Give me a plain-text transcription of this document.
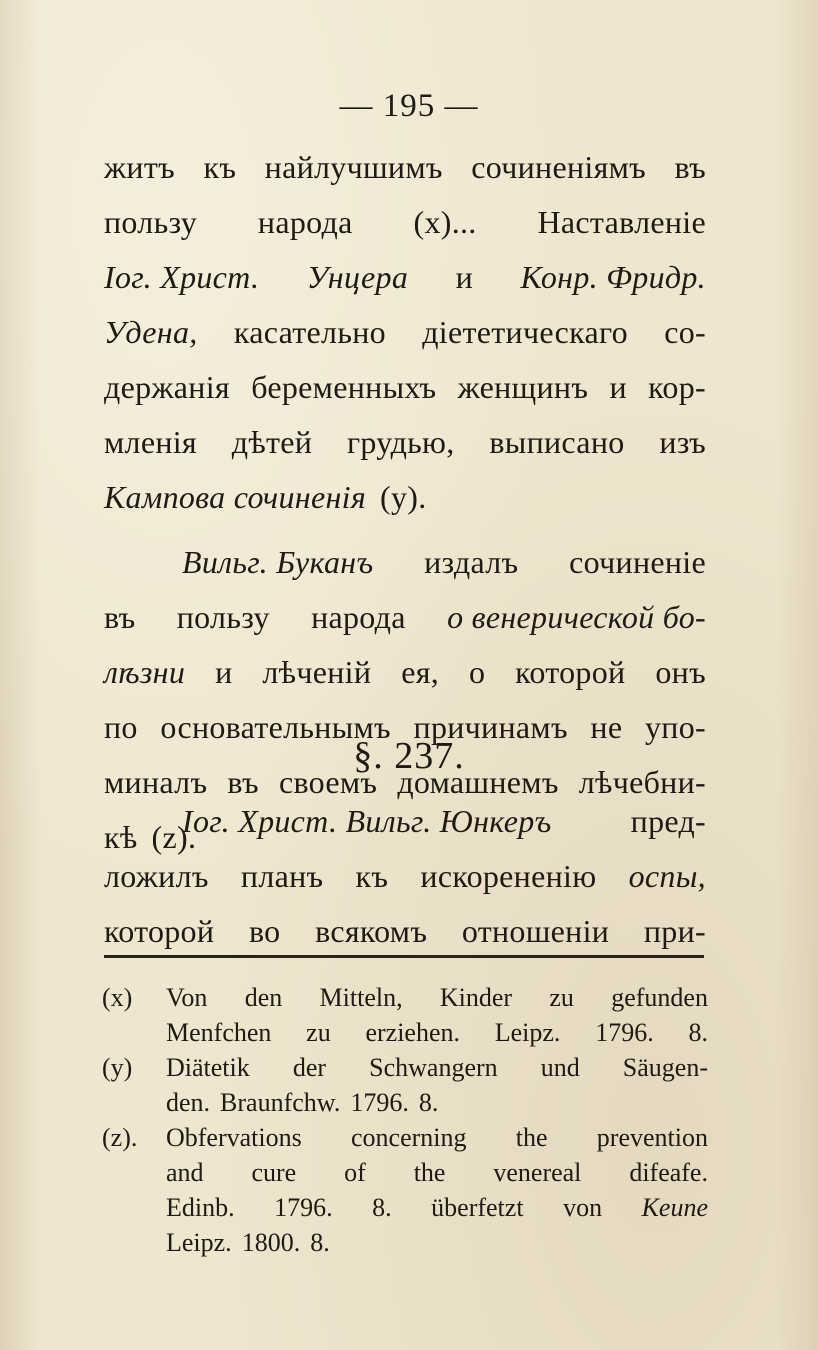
— 195 —
житъ къ найлучшимъ сочиненіямъ въ
пользу народа (x)... Наставленіе
Іог. Христ. Унцера и Конр. Фридр.
Удена, касательно діететическаго со-
держанія беременныхъ женщинъ и кор-
мленія дѣтей грудью, выписано изъ
Кампова сочиненія (y).
Вильг. Буканъ издалъ сочиненіе
въ пользу народа о венерической бо-
лѣзни и лѣченій ея, о которой онъ
по основательнымъ причинамъ не упо-
миналъ въ своемъ домашнемъ лѣчебни-
кѣ (z).
§. 237.
Іог. Христ. Вильг. Юнкеръ пред-
ложилъ планъ къ искорененію оспы,
которой во всякомъ отношеніи при-
(x)	Von den Mitteln, Kinder zu gefunden
Menfchen zu erziehen. Leipz. 1796. 8.
(y)	Diätetik der Schwangern und Säugen-
den. Braunfchw. 1796. 8.
(z).	Obfervations concerning the prevention
and cure of the venereal difeafe.
Edinb. 1796. 8. überfetzt von Keune
Leipz. 1800. 8.
